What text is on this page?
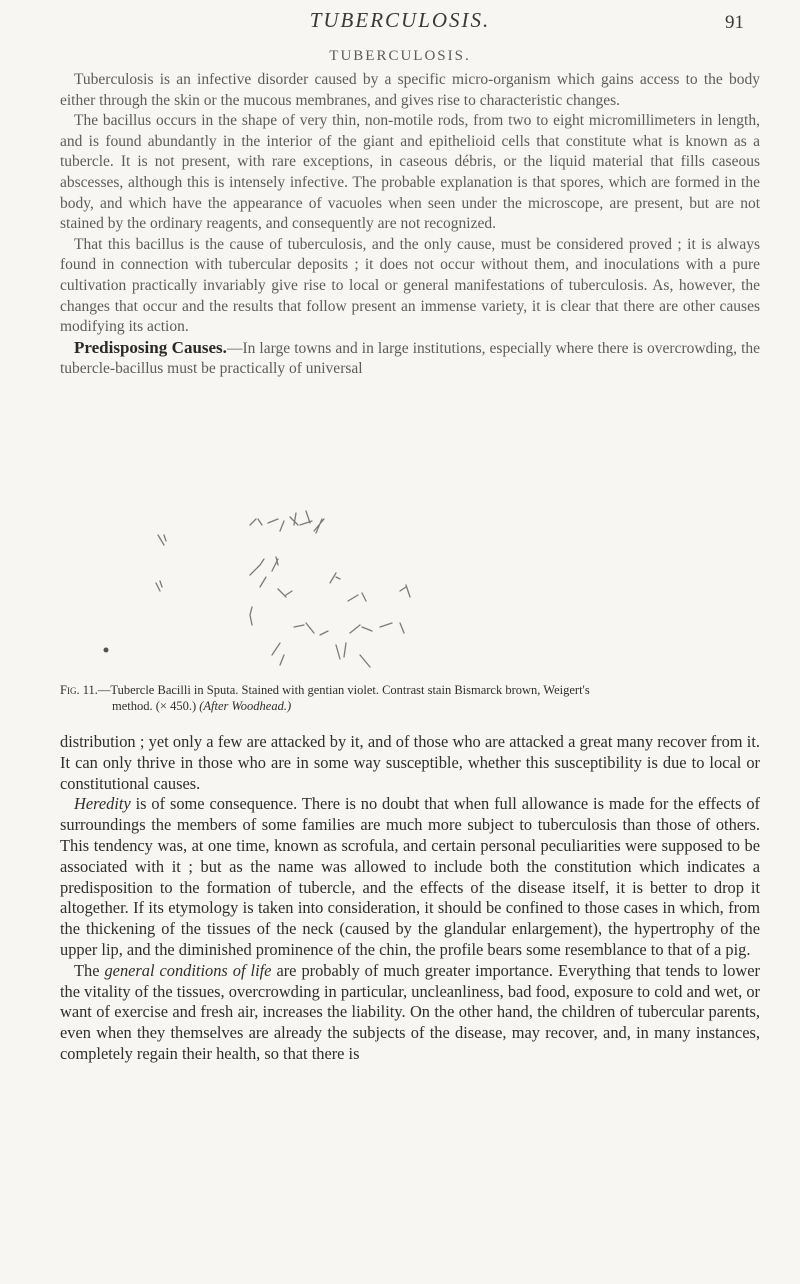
TUBERCULOSIS.	91
TUBERCULOSIS.

Tuberculosis is an infective disorder caused by a specific micro-organism which gains access to the body either through the skin or the mucous membranes, and gives rise to characteristic changes.

The bacillus occurs in the shape of very thin, non-motile rods, from two to eight micromillimeters in length, and is found abundantly in the interior of the giant and epithelioid cells that constitute what is known as a tubercle. It is not present, with rare exceptions, in caseous débris, or the liquid material that fills caseous abscesses, although this is intensely infective. The probable explanation is that spores, which are formed in the body, and which have the appearance of vacuoles when seen under the microscope, are present, but are not stained by the ordinary reagents, and consequently are not recognized.

That this bacillus is the cause of tuberculosis, and the only cause, must be considered proved ; it is always found in connection with tubercular deposits ; it does not occur without them, and inoculations with a pure cultivation practically invariably give rise to local or general manifestations of tuberculosis. As, however, the changes that occur and the results that follow present an immense variety, it is clear that there are other causes modifying its action.

Predisposing Causes.—In large towns and in large institutions, especially where there is overcrowding, the tubercle-bacillus must be practically of universal

Fig. 11.—Tubercle Bacilli in Sputa. Stained with gentian violet. Contrast stain Bismarck brown, Weigert's
method. (× 450.) (After Woodhead.)

distribution ; yet only a few are attacked by it, and of those who are attacked a great many recover from it. It can only thrive in those who are in some way susceptible, whether this susceptibility is due to local or constitutional causes.

Heredity is of some consequence. There is no doubt that when full allowance is made for the effects of surroundings the members of some families are much more subject to tuberculosis than those of others. This tendency was, at one time, known as scrofula, and certain personal peculiarities were supposed to be associated with it ; but as the name was allowed to include both the constitution which indicates a predisposition to the formation of tubercle, and the effects of the disease itself, it is better to drop it altogether. If its etymology is taken into consideration, it should be confined to those cases in which, from the thickening of the tissues of the neck (caused by the glandular enlargement), the hypertrophy of the upper lip, and the diminished prominence of the chin, the profile bears some resemblance to that of a pig.

The general conditions of life are probably of much greater importance. Everything that tends to lower the vitality of the tissues, overcrowding in particular, uncleanliness, bad food, exposure to cold and wet, or want of exercise and fresh air, increases the liability. On the other hand, the children of tubercular parents, even when they themselves are already the subjects of the disease, may recover, and, in many instances, completely regain their health, so that there is
